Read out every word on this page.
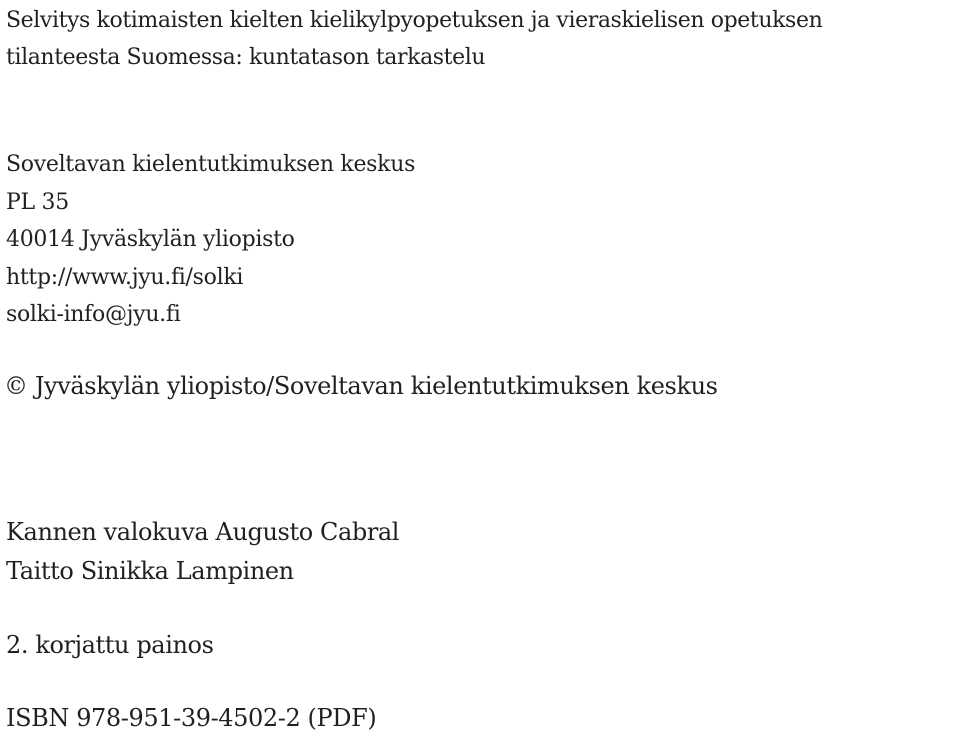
Selvitys kotimaisten kielten kielikylpyopetuksen ja vieraskielisen opetuksen
tilanteesta Suomessa: kuntatason tarkastelu
Soveltavan kielentutkimuksen keskus
PL 35
40014 Jyväskylän yliopisto
http://www.jyu.fi/solki
solki-info@jyu.fi
© Jyväskylän yliopisto/Soveltavan kielentutkimuksen keskus
Kannen valokuva Augusto Cabral
Taitto Sinikka Lampinen
2. korjattu painos
ISBN 978-951-39-4502-2 (PDF)
